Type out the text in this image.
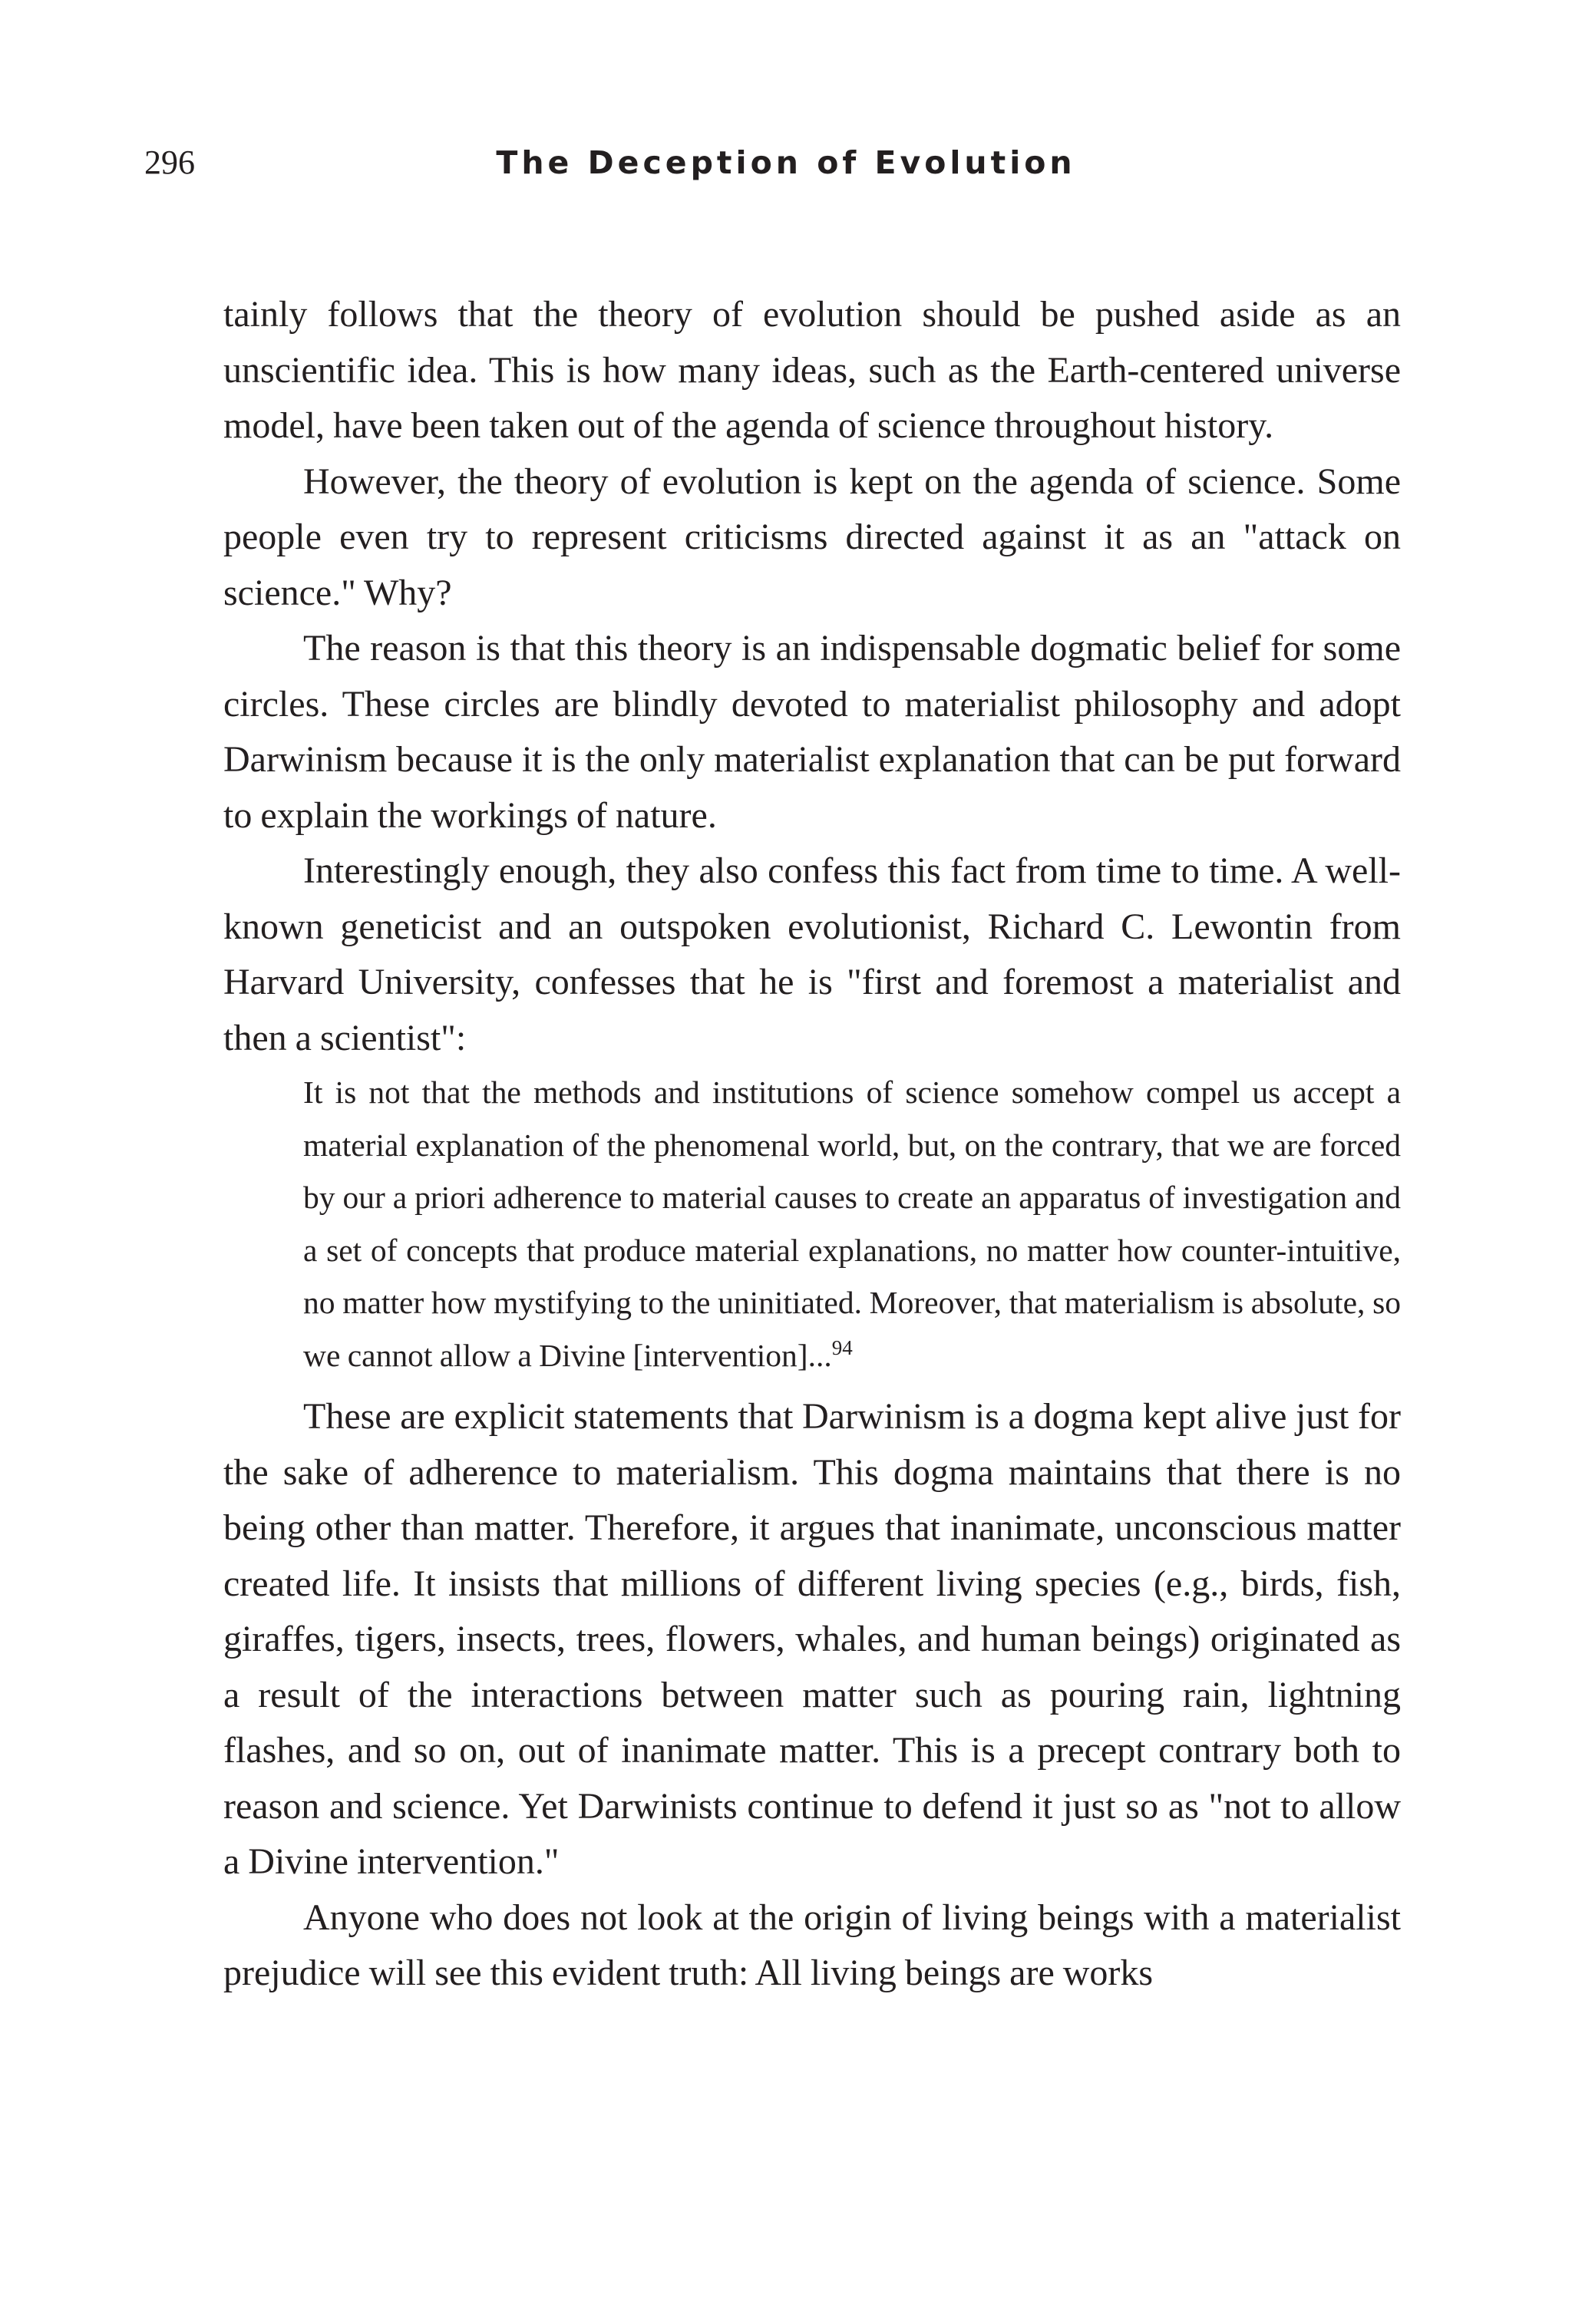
296	The Deception of Evolution

tainly follows that the theory of evolution should be pushed aside as an unscientific idea. This is how many ideas, such as the Earth-centered universe model, have been taken out of the agenda of science throughout history.

However, the theory of evolution is kept on the agenda of science. Some people even try to represent criticisms directed against it as an "attack on science." Why?

The reason is that this theory is an indispensable dogmatic belief for some circles. These circles are blindly devoted to materialist philosophy and adopt Darwinism because it is the only materialist explanation that can be put forward to explain the workings of nature.

Interestingly enough, they also confess this fact from time to time. A well-known geneticist and an outspoken evolutionist, Richard C. Lewontin from Harvard University, confesses that he is "first and foremost a materialist and then a scientist":

It is not that the methods and institutions of science somehow compel us accept a material explanation of the phenomenal world, but, on the contrary, that we are forced by our a priori adherence to material causes to create an apparatus of investigation and a set of concepts that produce material explanations, no matter how counter-intuitive, no matter how mystifying to the uninitiated. Moreover, that materialism is absolute, so we cannot allow a Divine [intervention]...$^{94}$

These are explicit statements that Darwinism is a dogma kept alive just for the sake of adherence to materialism. This dogma maintains that there is no being other than matter. Therefore, it argues that inanimate, unconscious matter created life. It insists that millions of different living species (e.g., birds, fish, giraffes, tigers, insects, trees, flowers, whales, and human beings) originated as a result of the interactions between matter such as pouring rain, lightning flashes, and so on, out of inanimate matter. This is a precept contrary both to reason and science. Yet Darwinists continue to defend it just so as "not to allow a Divine intervention."

Anyone who does not look at the origin of living beings with a materialist prejudice will see this evident truth: All living beings are works
